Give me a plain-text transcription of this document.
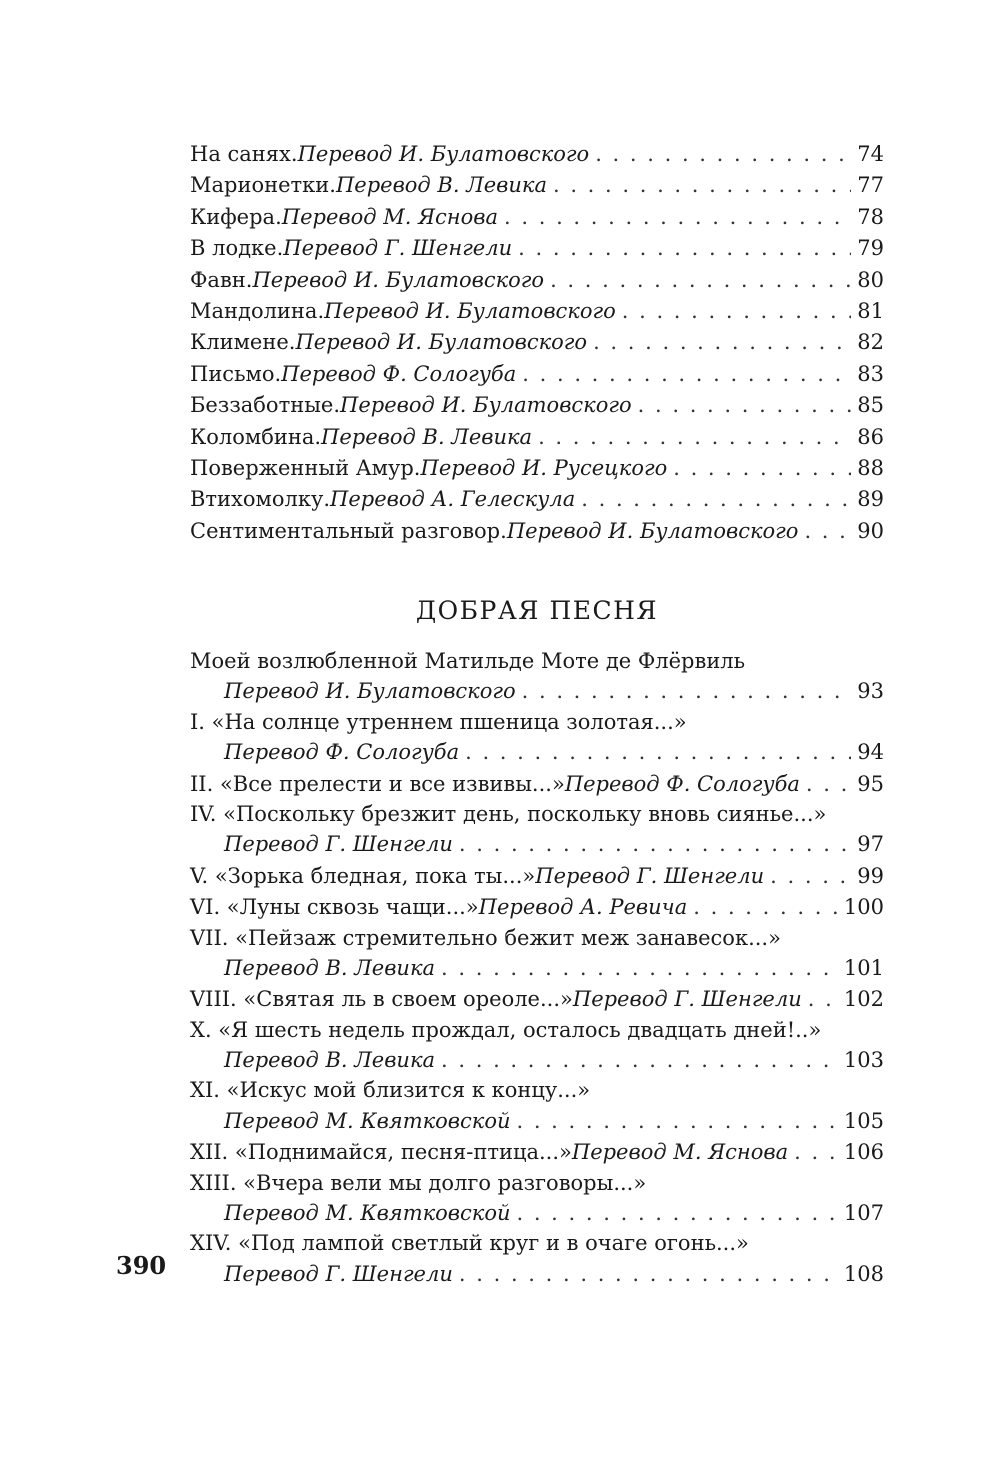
На санях. Перевод И. Булатовского . . .	74
Марионетки. Перевод В. Левика . . .	77
Кифера. Перевод М. Яснова . . .	78
В лодке. Перевод Г. Шенгели . . .	79
Фавн. Перевод И. Булатовского . . .	80
Мандолина. Перевод И. Булатовского . . .	81
Климене. Перевод И. Булатовского . . .	82
Письмо. Перевод Ф. Сологуба . . .	83
Беззаботные. Перевод И. Булатовского . . .	85
Коломбина. Перевод В. Левика . . .	86
Поверженный Амур. Перевод И. Русецкого . . .	88
Втихомолку. Перевод А. Гелескула . . .	89
Сентиментальный разговор. Перевод И. Булатовского . . .	90
ДОБРАЯ ПЕСНЯ
Моей возлюбленной Матильде Моте де Флёрвиль
Перевод И. Булатовского . . .	93
I. «На солнце утреннем пшеница золотая...»
Перевод Ф. Сологуба . . .	94
II. «Все прелести и все извивы...» Перевод Ф. Сологуба . . .	95
IV. «Поскольку брезжит день, поскольку вновь сиянье...»
Перевод Г. Шенгели . . .	97
V. «Зорька бледная, пока ты...» Перевод Г. Шенгели . . .	99
VI. «Луны сквозь чащи...» Перевод А. Ревича . . .	100
VII. «Пейзаж стремительно бежит меж занавесок...»
Перевод В. Левика . . .	101
VIII. «Святая ль в своем ореоле...» Перевод Г. Шенгели . . . 102
X. «Я шесть недель прождал, осталось двадцать дней!..»
Перевод В. Левика . . .	103
XI. «Искус мой близится к концу...»
Перевод М. Квятковской . . .	105
XII. «Поднимайся, песня-птица...» Перевод М. Яснова . . .	106
XIII. «Вчера вели мы долго разговоры...»
Перевод М. Квятковской . . .	107
XIV. «Под лампой светлый круг и в очаге огонь...»
Перевод Г. Шенгели . . .	108
390
